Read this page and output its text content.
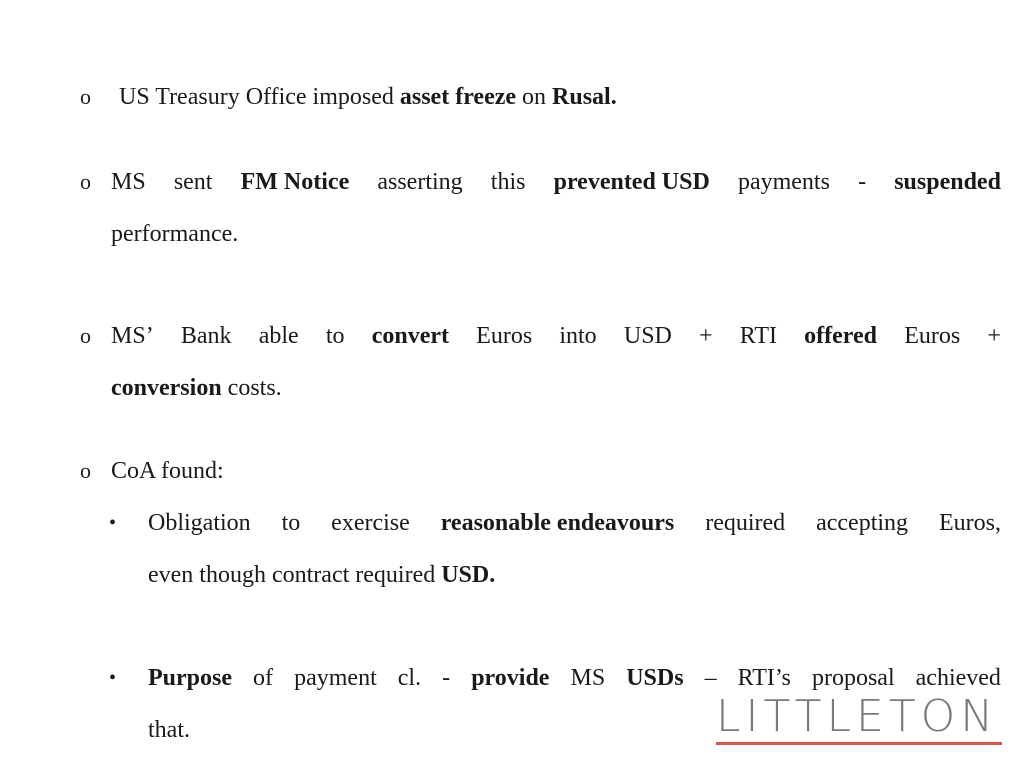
o US Treasury Office imposed asset freeze on Rusal.
o MS sent FM Notice asserting this prevented USD payments - suspended
performance.
o MS’ Bank able to convert Euros into USD + RTI offered Euros +
conversion costs.
o CoA found:
• Obligation to exercise reasonable endeavours required accepting Euros,
even though contract required USD.
• Purpose of payment cl. - provide MS USDs – RTI’s proposal achieved
that.	LITTLETON
